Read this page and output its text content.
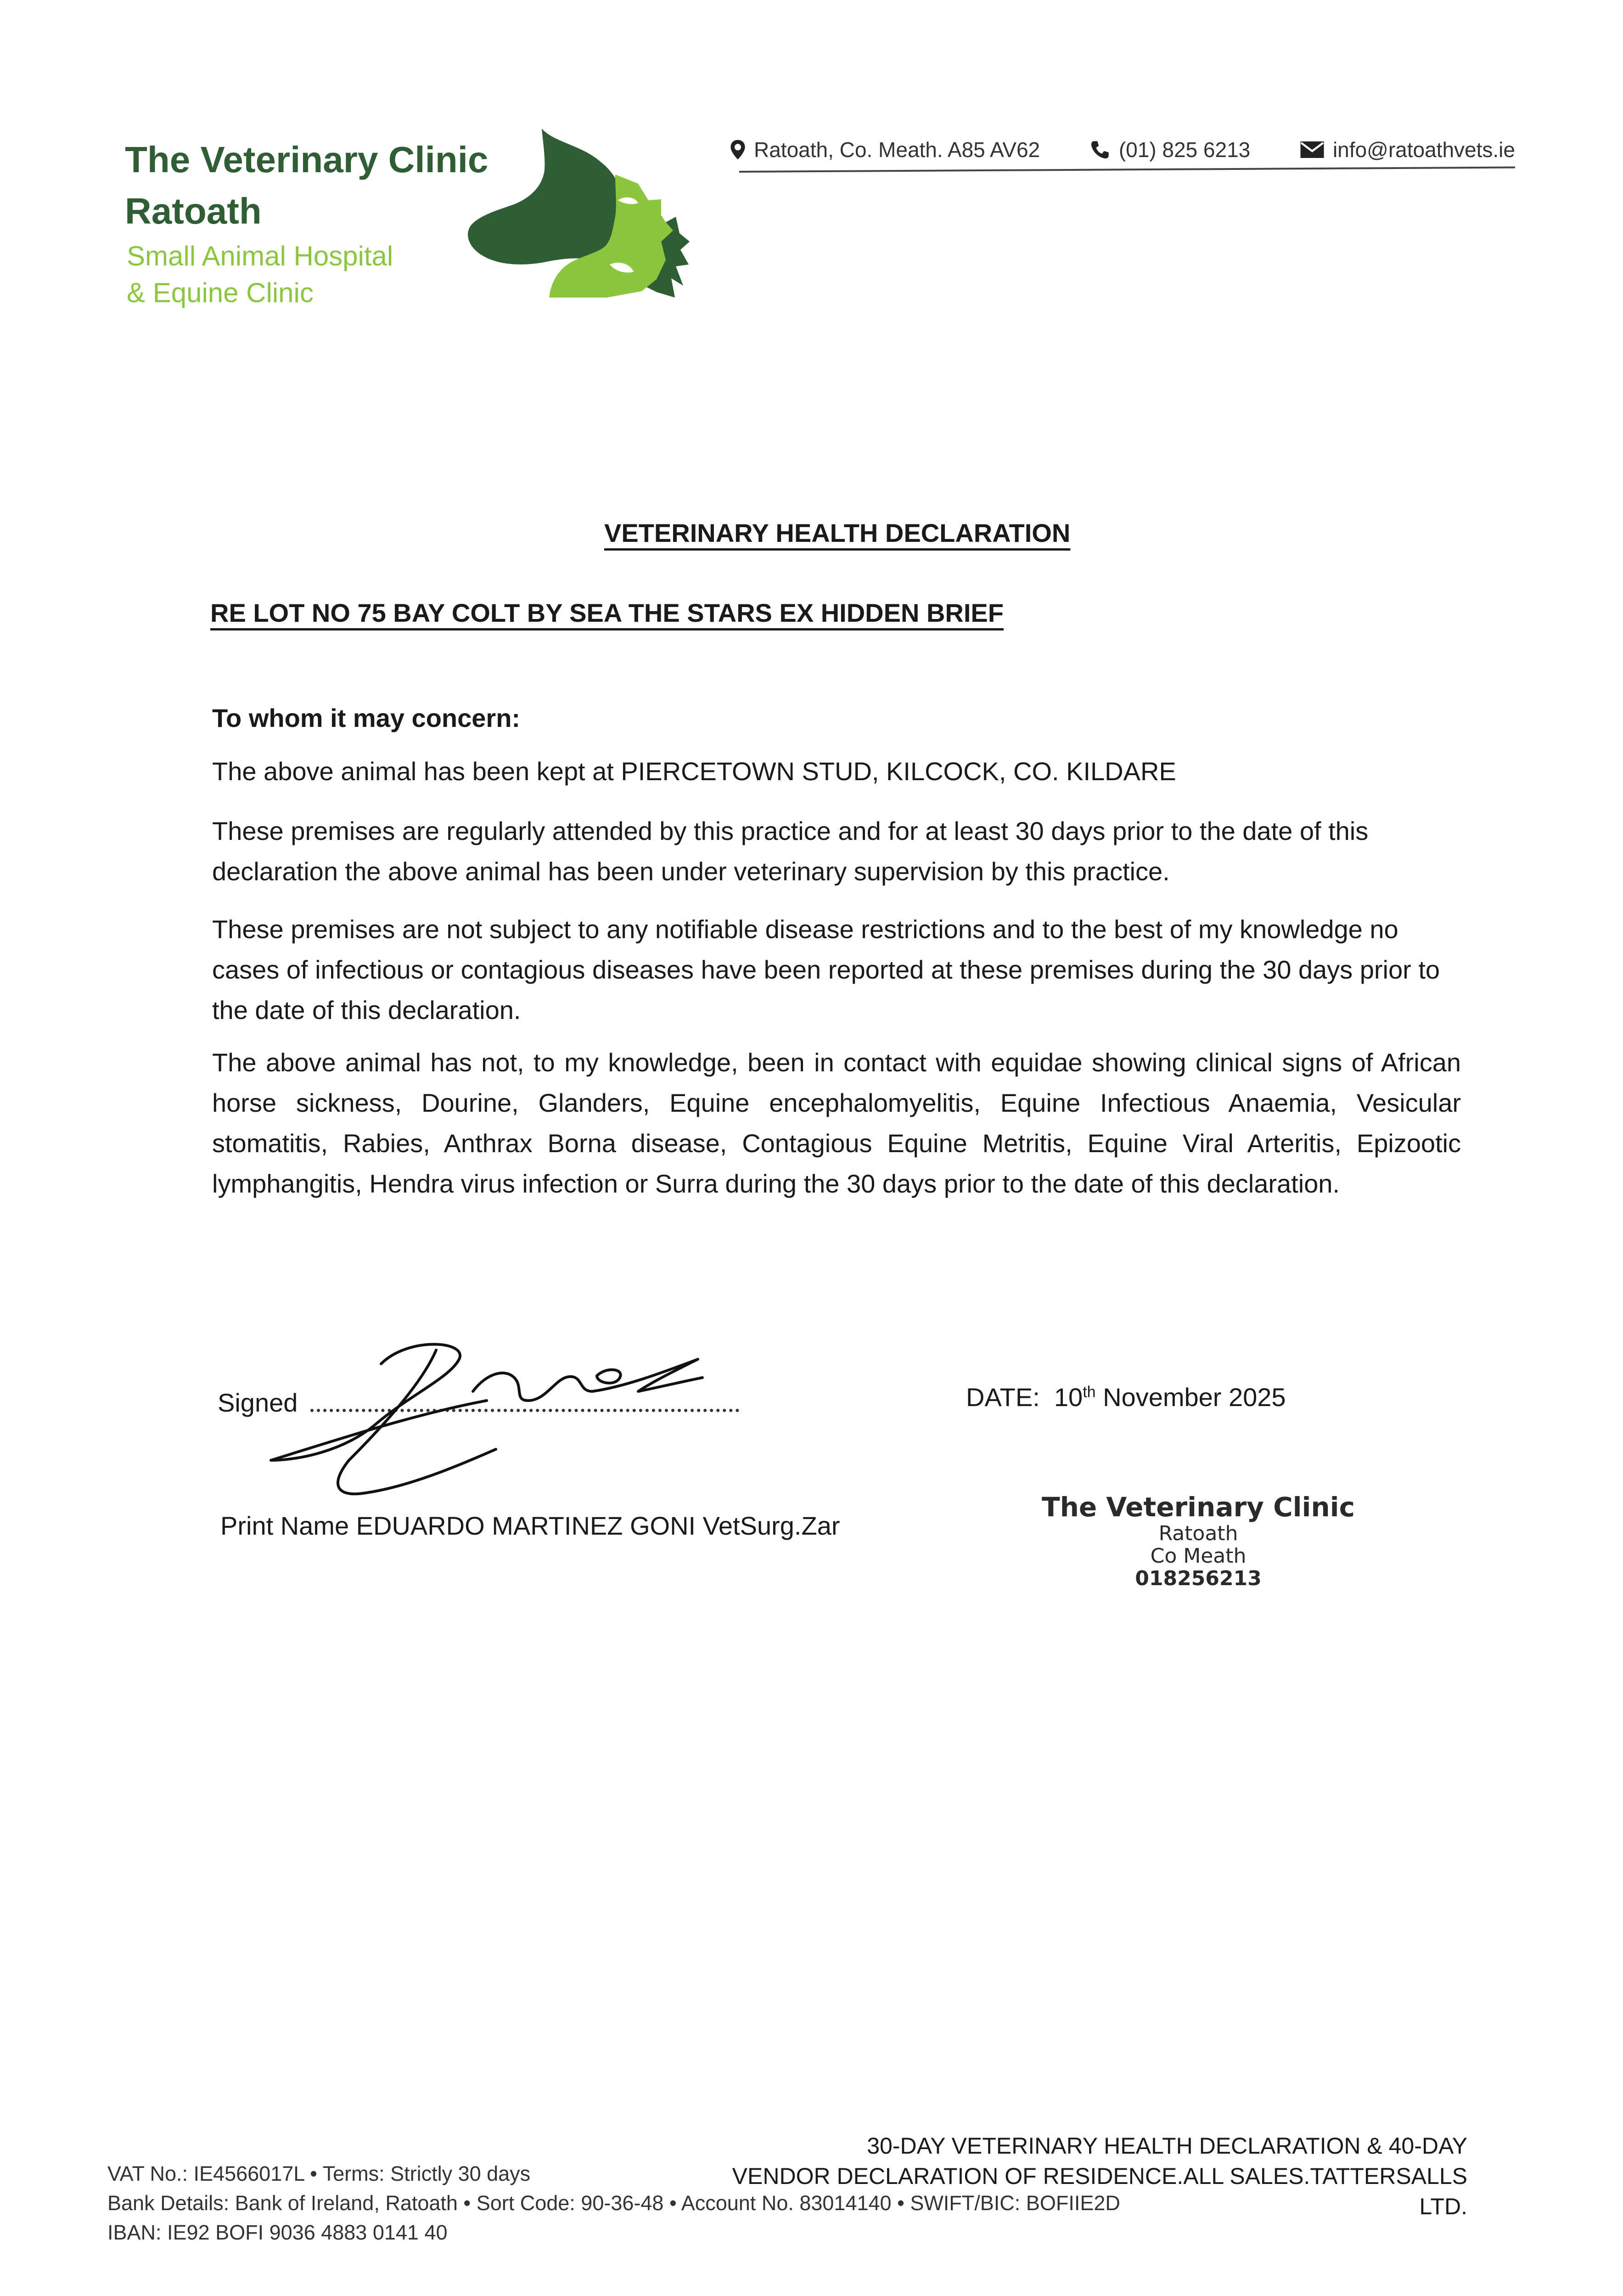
The Veterinary Clinic
Ratoath
Small Animal Hospital
& Equine Clinic
Ratoath, Co. Meath. A85 AV62	(01) 825 6213	info@ratoathvets.ie
VETERINARY HEALTH DECLARATION
RE LOT NO 75 BAY COLT BY SEA THE STARS EX HIDDEN BRIEF
To whom it may concern:
The above animal has been kept at PIERCETOWN STUD, KILCOCK, CO. KILDARE
These premises are regularly attended by this practice and for at least 30 days prior to the date of this declaration the above animal has been under veterinary supervision by this practice.
These premises are not subject to any notifiable disease restrictions and to the best of my knowledge no cases of infectious or contagious diseases have been reported at these premises during the 30 days prior to the date of this declaration.
The above animal has not, to my knowledge, been in contact with equidae showing clinical signs of African horse sickness, Dourine, Glanders, Equine encephalomyelitis, Equine Infectious Anaemia, Vesicular stomatitis, Rabies, Anthrax Borna disease, Contagious Equine Metritis, Equine Viral Arteritis, Epizootic lymphangitis, Hendra virus infection or Surra during the 30 days prior to the date of this declaration.
Signed	DATE: 10th November 2025
Print Name EDUARDO MARTINEZ GONI VetSurg.Zar
The Veterinary Clinic
Ratoath
Co Meath
018256213
VAT No.: IE4566017L • Terms: Strictly 30 days
Bank Details: Bank of Ireland, Ratoath • Sort Code: 90-36-48 • Account No. 83014140 • SWIFT/BIC: BOFIIE2D
IBAN: IE92 BOFI 9036 4883 0141 40
30-DAY VETERINARY HEALTH DECLARATION & 40-DAY
VENDOR DECLARATION OF RESIDENCE.ALL SALES.TATTERSALLS LTD.
